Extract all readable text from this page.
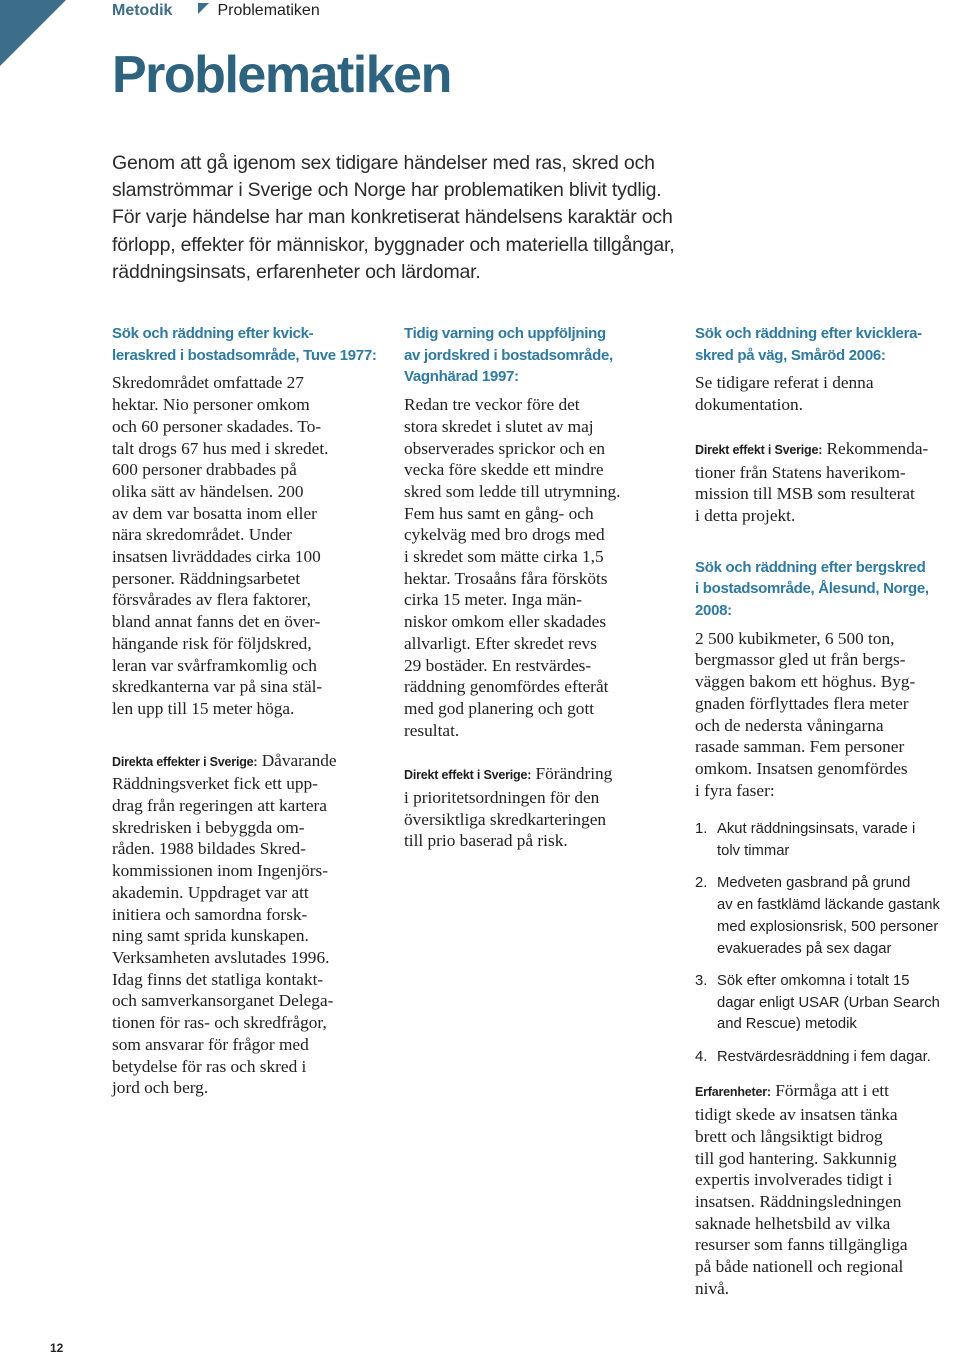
Metodik	Problematiken
Problematiken

Genom att gå igenom sex tidigare händelser med ras, skred och slamströmmar i Sverige och Norge har problematiken blivit tydlig. För varje händelse har man konkretiserat händelsens karaktär och förlopp, effekter för människor, byggnader och materiella tillgångar, räddningsinsats, erfarenheter och lärdomar.

Sök och räddning efter kvick-
leraskred i bostadsområde, Tuve 1977:

Skredområdet omfattade 27
hektar. Nio personer omkom
och 60 personer skadades. To-
talt drogs 67 hus med i skredet.
600 personer drabbades på
olika sätt av händelsen. 200
av dem var bosatta inom eller
nära skredområdet. Under
insatsen livräddades cirka 100
personer. Räddningsarbetet
försvårades av flera faktorer,
bland annat fanns det en över-
hängande risk för följdskred,
leran var svårframkomlig och
skredkanterna var på sina stäl-
len upp till 15 meter höga.

Direkta effekter i Sverige: Dåvarande
Räddningsverket fick ett upp-
drag från regeringen att kartera
skredrisken i bebyggda om-
råden. 1988 bildades Skred-
kommissionen inom Ingenjörs-
akademin. Uppdraget var att
initiera och samordna forsk-
ning samt sprida kunskapen.
Verksamheten avslutades 1996.
Idag finns det statliga kontakt-
och samverkansorganet Delega-
tionen för ras- och skredfrågor,
som ansvarar för frågor med
betydelse för ras och skred i
jord och berg.

Tidig varning och uppföljning
av jordskred i bostadsområde,
Vagnhärad 1997:

Redan tre veckor före det
stora skredet i slutet av maj
observerades sprickor och en
vecka före skedde ett mindre
skred som ledde till utrymning.
Fem hus samt en gång- och
cykelväg med bro drogs med
i skredet som mätte cirka 1,5
hektar. Trosaåns fåra försköts
cirka 15 meter. Inga män-
niskor omkom eller skadades
allvarligt. Efter skredet revs
29 bostäder. En restvärdes-
räddning genomfördes efteråt
med god planering och gott
resultat.

Direkt effekt i Sverige: Förändring
i prioritetsordningen för den
översiktliga skredkarteringen
till prio baserad på risk.

Sök och räddning efter kvicklera-
skred på väg, Småröd 2006:

Se tidigare referat i denna
dokumentation.

Direkt effekt i Sverige: Rekommenda-
tioner från Statens haverikom-
mission till MSB som resulterat
i detta projekt.

Sök och räddning efter bergskred
i bostadsområde, Ålesund, Norge,
2008:

2 500 kubikmeter, 6 500 ton,
bergmassor gled ut från bergs-
väggen bakom ett höghus. Byg-
gnaden förflyttades flera meter
och de nedersta våningarna
rasade samman. Fem personer
omkom. Insatsen genomfördes
i fyra faser:

1. Akut räddningsinsats, varade i
tolv timmar
2. Medveten gasbrand på grund
av en fastklämd läckande gastank
med explosionsrisk, 500 personer
evakuerades på sex dagar
3. Sök efter omkomna i totalt 15
dagar enligt USAR (Urban Search
and Rescue) metodik
4. Restvärdesräddning i fem dagar.

Erfarenheter: Förmåga att i ett
tidigt skede av insatsen tänka
brett och långsiktigt bidrog
till god hantering. Sakkunnig
expertis involverades tidigt i
insatsen. Räddningsledningen
saknade helhetsbild av vilka
resurser som fanns tillgängliga
på både nationell och regional
nivå.

12
